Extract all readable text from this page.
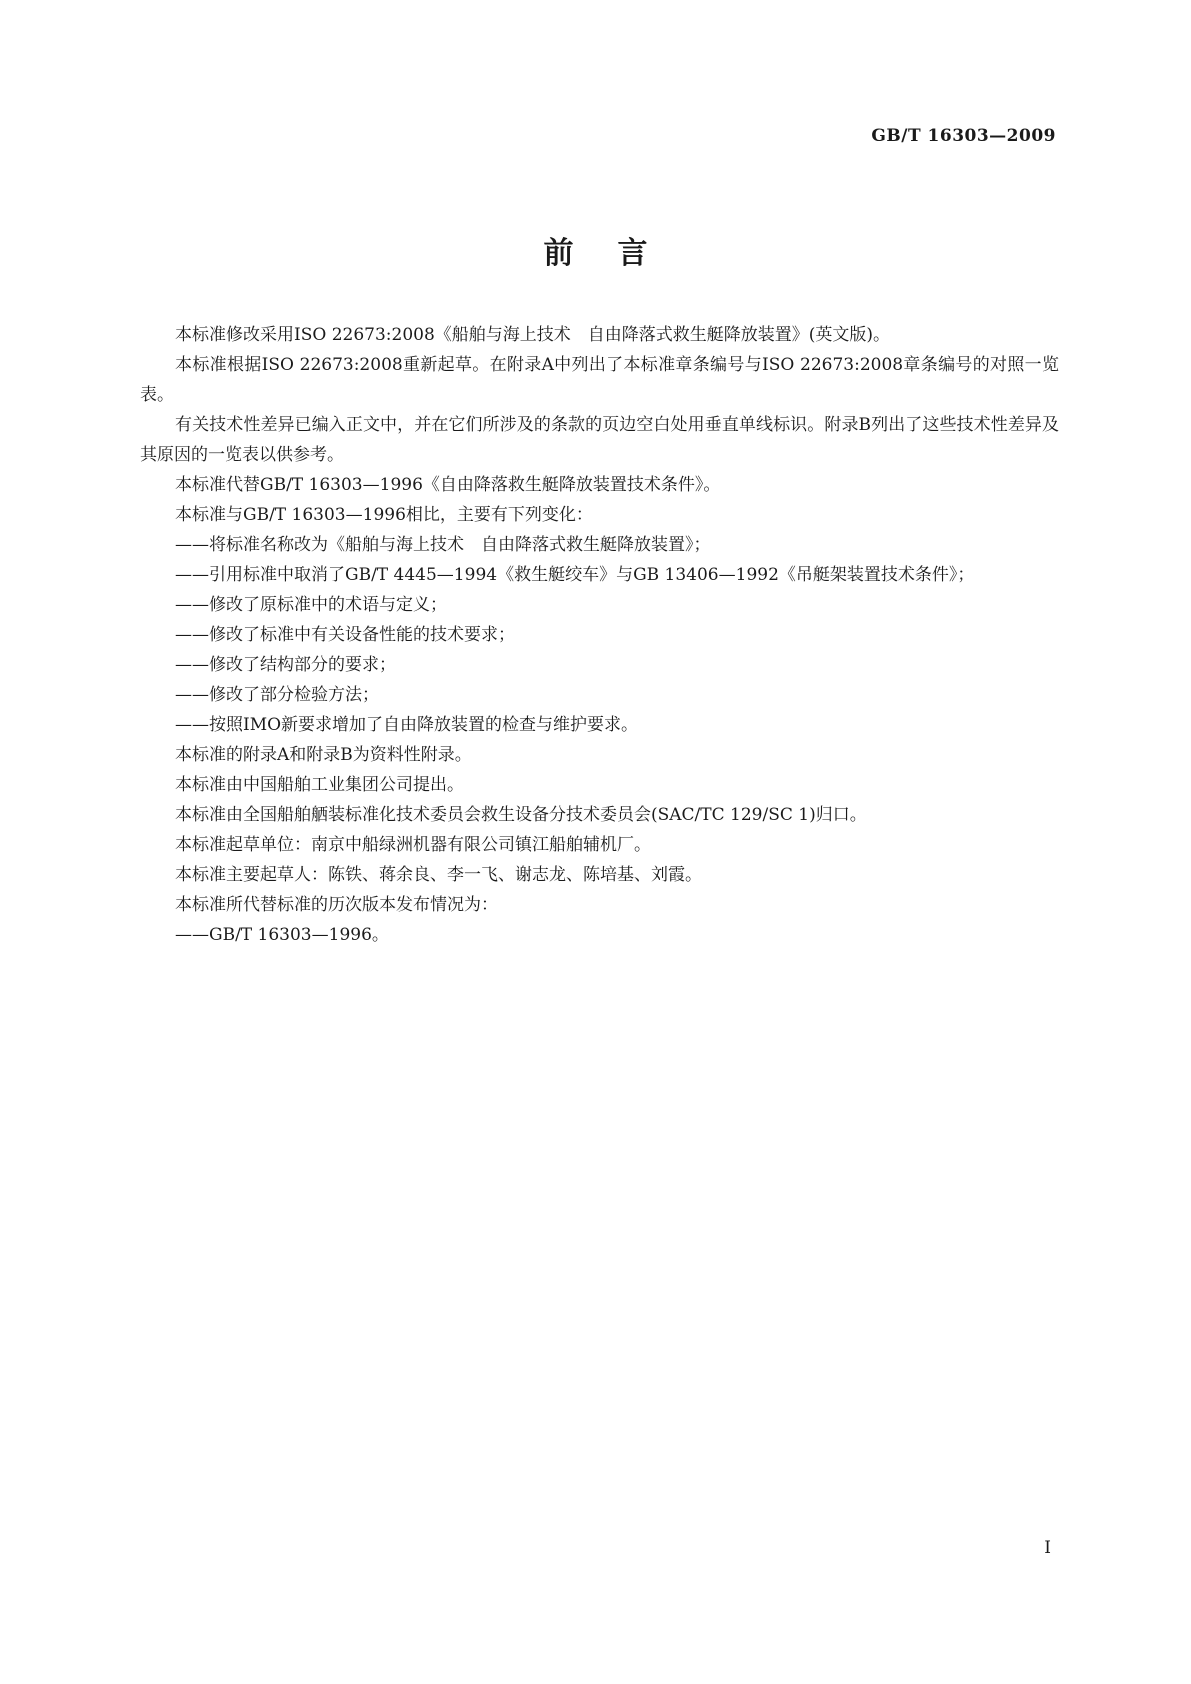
GB/T 16303—2009
前言

本标准修改采用ISO 22673:2008《船舶与海上技术　自由降落式救生艇降放装置》(英文版)。

本标准根据ISO 22673:2008重新起草。在附录A中列出了本标准章条编号与ISO 22673:2008章条编号的对照一览表。

有关技术性差异已编入正文中，并在它们所涉及的条款的页边空白处用垂直单线标识。附录B列出了这些技术性差异及其原因的一览表以供参考。

本标准代替GB/T 16303—1996《自由降落救生艇降放装置技术条件》。

本标准与GB/T 16303—1996相比，主要有下列变化：

——将标准名称改为《船舶与海上技术　自由降落式救生艇降放装置》；

——引用标准中取消了GB/T 4445—1994《救生艇绞车》与GB 13406—1992《吊艇架装置技术条件》；

——修改了原标准中的术语与定义；

——修改了标准中有关设备性能的技术要求；

——修改了结构部分的要求；

——修改了部分检验方法；

——按照IMO新要求增加了自由降放装置的检查与维护要求。

本标准的附录A和附录B为资料性附录。

本标准由中国船舶工业集团公司提出。

本标准由全国船舶舾装标准化技术委员会救生设备分技术委员会(SAC/TC 129/SC 1)归口。

本标准起草单位：南京中船绿洲机器有限公司镇江船舶辅机厂。

本标准主要起草人：陈铁、蒋余良、李一飞、谢志龙、陈培基、刘霞。

本标准所代替标准的历次版本发布情况为：

——GB/T 16303—1996。

I
